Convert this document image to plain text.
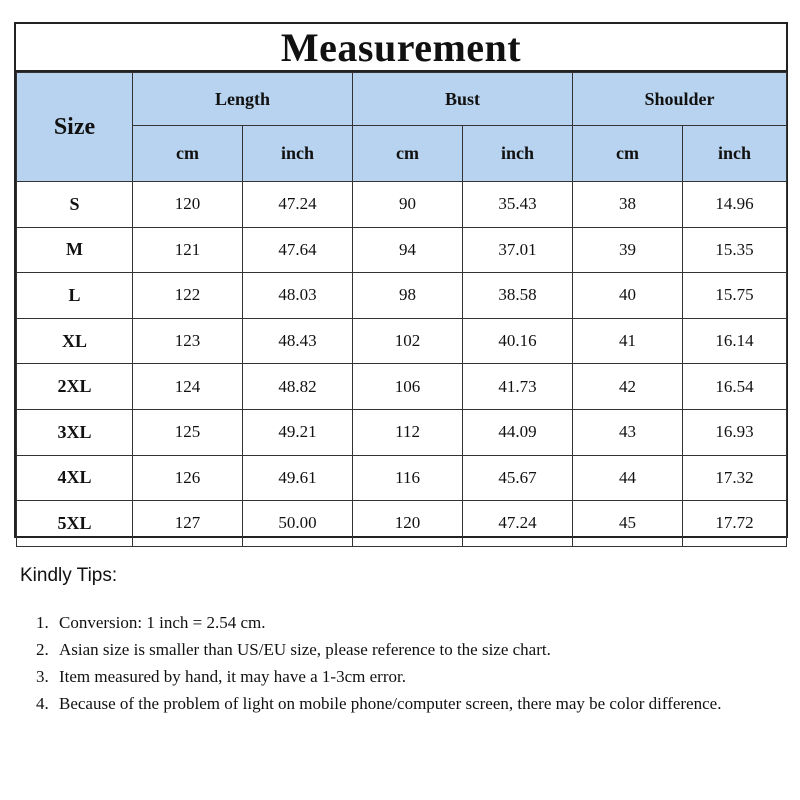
Measurement
Size	Length		Bust		Shoulder	
	cm	inch	cm	inch	cm	inch
S	120	47.24	90	35.43	38	14.96
M	121	47.64	94	37.01	39	15.35
L	122	48.03	98	38.58	40	15.75
XL	123	48.43	102	40.16	41	16.14
2XL	124	48.82	106	41.73	42	16.54
3XL	125	49.21	112	44.09	43	16.93
4XL	126	49.61	116	45.67	44	17.32
5XL	127	50.00	120	47.24	45	17.72
Kindly Tips:
1. Conversion: 1 inch = 2.54 cm.
2. Asian size is smaller than US/EU size, please reference to the size chart.
3. Item measured by hand, it may have a 1-3cm error.
4. Because of the problem of light on mobile phone/computer screen, there may be color difference.
